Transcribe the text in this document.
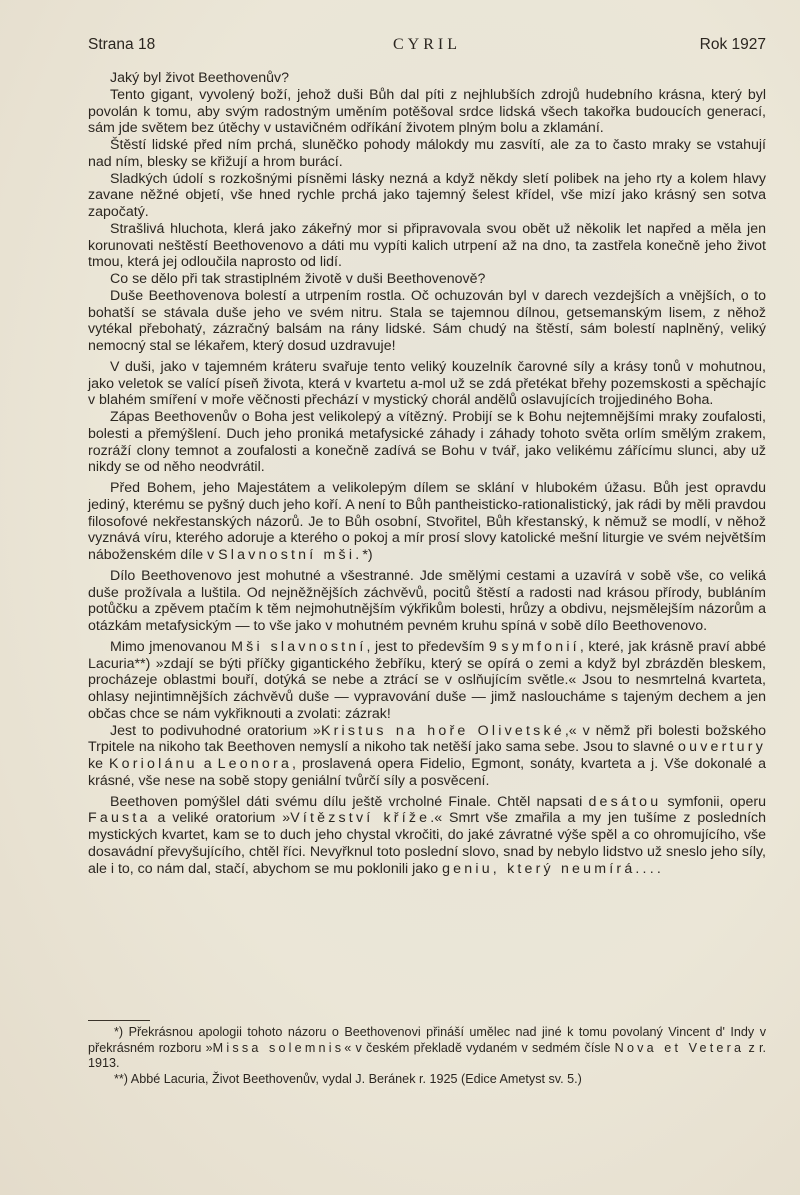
Strana 18	CYRIL	Rok 1927

Jaký byl život Beethovenův?

Tento gigant, vyvolený boží, jehož duši Bůh dal píti z nejhlubších zdrojů hudebního krásna, který byl povolán k tomu, aby svým radostným uměním potěšoval srdce lidská všech takořka budoucích generací, sám jde světem bez útěchy v ustavičném odříkání životem plným bolu a zklamání.

Štěstí lidské před ním prchá, sluněčko pohody málokdy mu zasvítí, ale za to často mraky se vstahují nad ním, blesky se křižují a hrom burácí.

Sladkých údolí s rozkošnými písněmi lásky nezná a když někdy sletí polibek na jeho rty a kolem hlavy zavane něžné objetí, vše hned rychle prchá jako tajemný šelest křídel, vše mizí jako krásný sen sotva započatý.

Strašlivá hluchota, klerá jako zákeřný mor si připravovala svou obět už několik let napřed a měla jen korunovati neštěstí Beethovenovo a dáti mu vypíti kalich utrpení až na dno, ta zastřela konečně jeho život tmou, která jej odloučila naprosto od lidí.

Co se dělo při tak strastiplném životě v duši Beethovenově?

Duše Beethovenova bolestí a utrpením rostla. Oč ochuzován byl v darech vezdejších a vnějších, o to bohatší se stávala duše jeho ve svém nitru. Stala se tajemnou dílnou, getsemanským lisem, z něhož vytékal přebohatý, zázračný balsám na rány lidské. Sám chudý na štěstí, sám bolestí naplněný, veliký nemocný stal se lékařem, který dosud uzdravuje!

V duši, jako v tajemném kráteru svařuje tento veliký kouzelník čarovné síly a krásy tonů v mohutnou, jako veletok se valící píseň života, která v kvartetu a-mol už se zdá přetékat břehy pozemskosti a spěchajíc v blahém smíření v moře věčnosti přechází v mystický chorál andělů oslavujících trojjediného Boha.

Zápas Beethovenův o Boha jest velikolepý a vítězný. Probijí se k Bohu nejtemnějšími mraky zoufalosti, bolesti a přemýšlení. Duch jeho proniká metafysické záhady i záhady tohoto světa orlím smělým zrakem, rozráží clony temnot a zoufalosti a konečně zadívá se Bohu v tvář, jako velikému zářícímu slunci, aby už nikdy se od něho neodvrátil.

Před Bohem, jeho Majestátem a velikolepým dílem se sklání v hlubokém úžasu. Bůh jest opravdu jediný, kterému se pyšný duch jeho koří. A není to Bůh pantheisticko-rationalistický, jak rádi by měli pravdou filosofové nekřestanských názorů. Je to Bůh osobní, Stvořitel, Bůh křestanský, k němuž se modlí, v něhož vyznává víru, kterého adoruje a kterého o pokoj a mír prosí slovy katolické mešní liturgie ve svém největším náboženském díle v Slavnostní mši.*)

Dílo Beethovenovo jest mohutné a všestranné. Jde smělými cestami a uzavírá v sobě vše, co veliká duše prožívala a luštila. Od nejněžnějších záchvěvů, pocitů štěstí a radosti nad krásou přírody, bubláním potůčku a zpěvem ptačím k těm nejmohutnějším výkřikům bolesti, hrůzy a obdivu, nejsmělejším názorům a otázkám metafysickým — to vše jako v mohutném pevném kruhu spíná v sobě dílo Beethovenovo.

Mimo jmenovanou Mši slavnostní, jest to především 9 symfonií, které, jak krásně praví abbé Lacuria**) »zdají se býti příčky gigantického žebříku, který se opírá o zemi a když byl zbrázděn bleskem, procházeje oblastmi bouří, dotýká se nebe a ztrácí se v oslňujícím světle.« Jsou to nesmrtelná kvarteta, ohlasy nejintimnějších záchvěvů duše — vypravování duše — jimž nasloucháme s tajeným dechem a jen občas chce se nám vykřiknouti a zvolati: zázrak!

Jest to podivuhodné oratorium »Kristus na hoře Olivetské,« v němž při bolesti božského Trpitele na nikoho tak Beethoven nemyslí a nikoho tak netěší jako sama sebe. Jsou to slavné ouvertury ke Koriolánu a Leonora, proslavená opera Fidelio, Egmont, sonáty, kvarteta a j. Vše dokonalé a krásné, vše nese na sobě stopy geniální tvůrčí síly a posvěcení.

Beethoven pomýšlel dáti svému dílu ještě vrcholné Finale. Chtěl napsati desátou symfonii, operu Fausta a veliké oratorium »Vítězství kříže.« Smrt vše zmařila a my jen tušíme z posledních mystických kvartet, kam se to duch jeho chystal vkročiti, do jaké závratné výše spěl a co ohromujícího, vše dosavádní převyšujícího, chtěl říci. Nevyřknul toto poslední slovo, snad by nebylo lidstvo už sneslo jeho síly, ale i to, co nám dal, stačí, abychom se mu poklonili jako geniu, který neumírá....

*) Překrásnou apologii tohoto názoru o Beethovenovi přináší umělec nad jiné k tomu povolaný Vincent d' Indy v překrásném rozboru »Missa solemnis« v českém překladě vydaném v sedmém čísle Nova et Vetera z r. 1913.

**) Abbé Lacuria, Život Beethovenův, vydal J. Beránek r. 1925 (Edice Ametyst sv. 5.)
